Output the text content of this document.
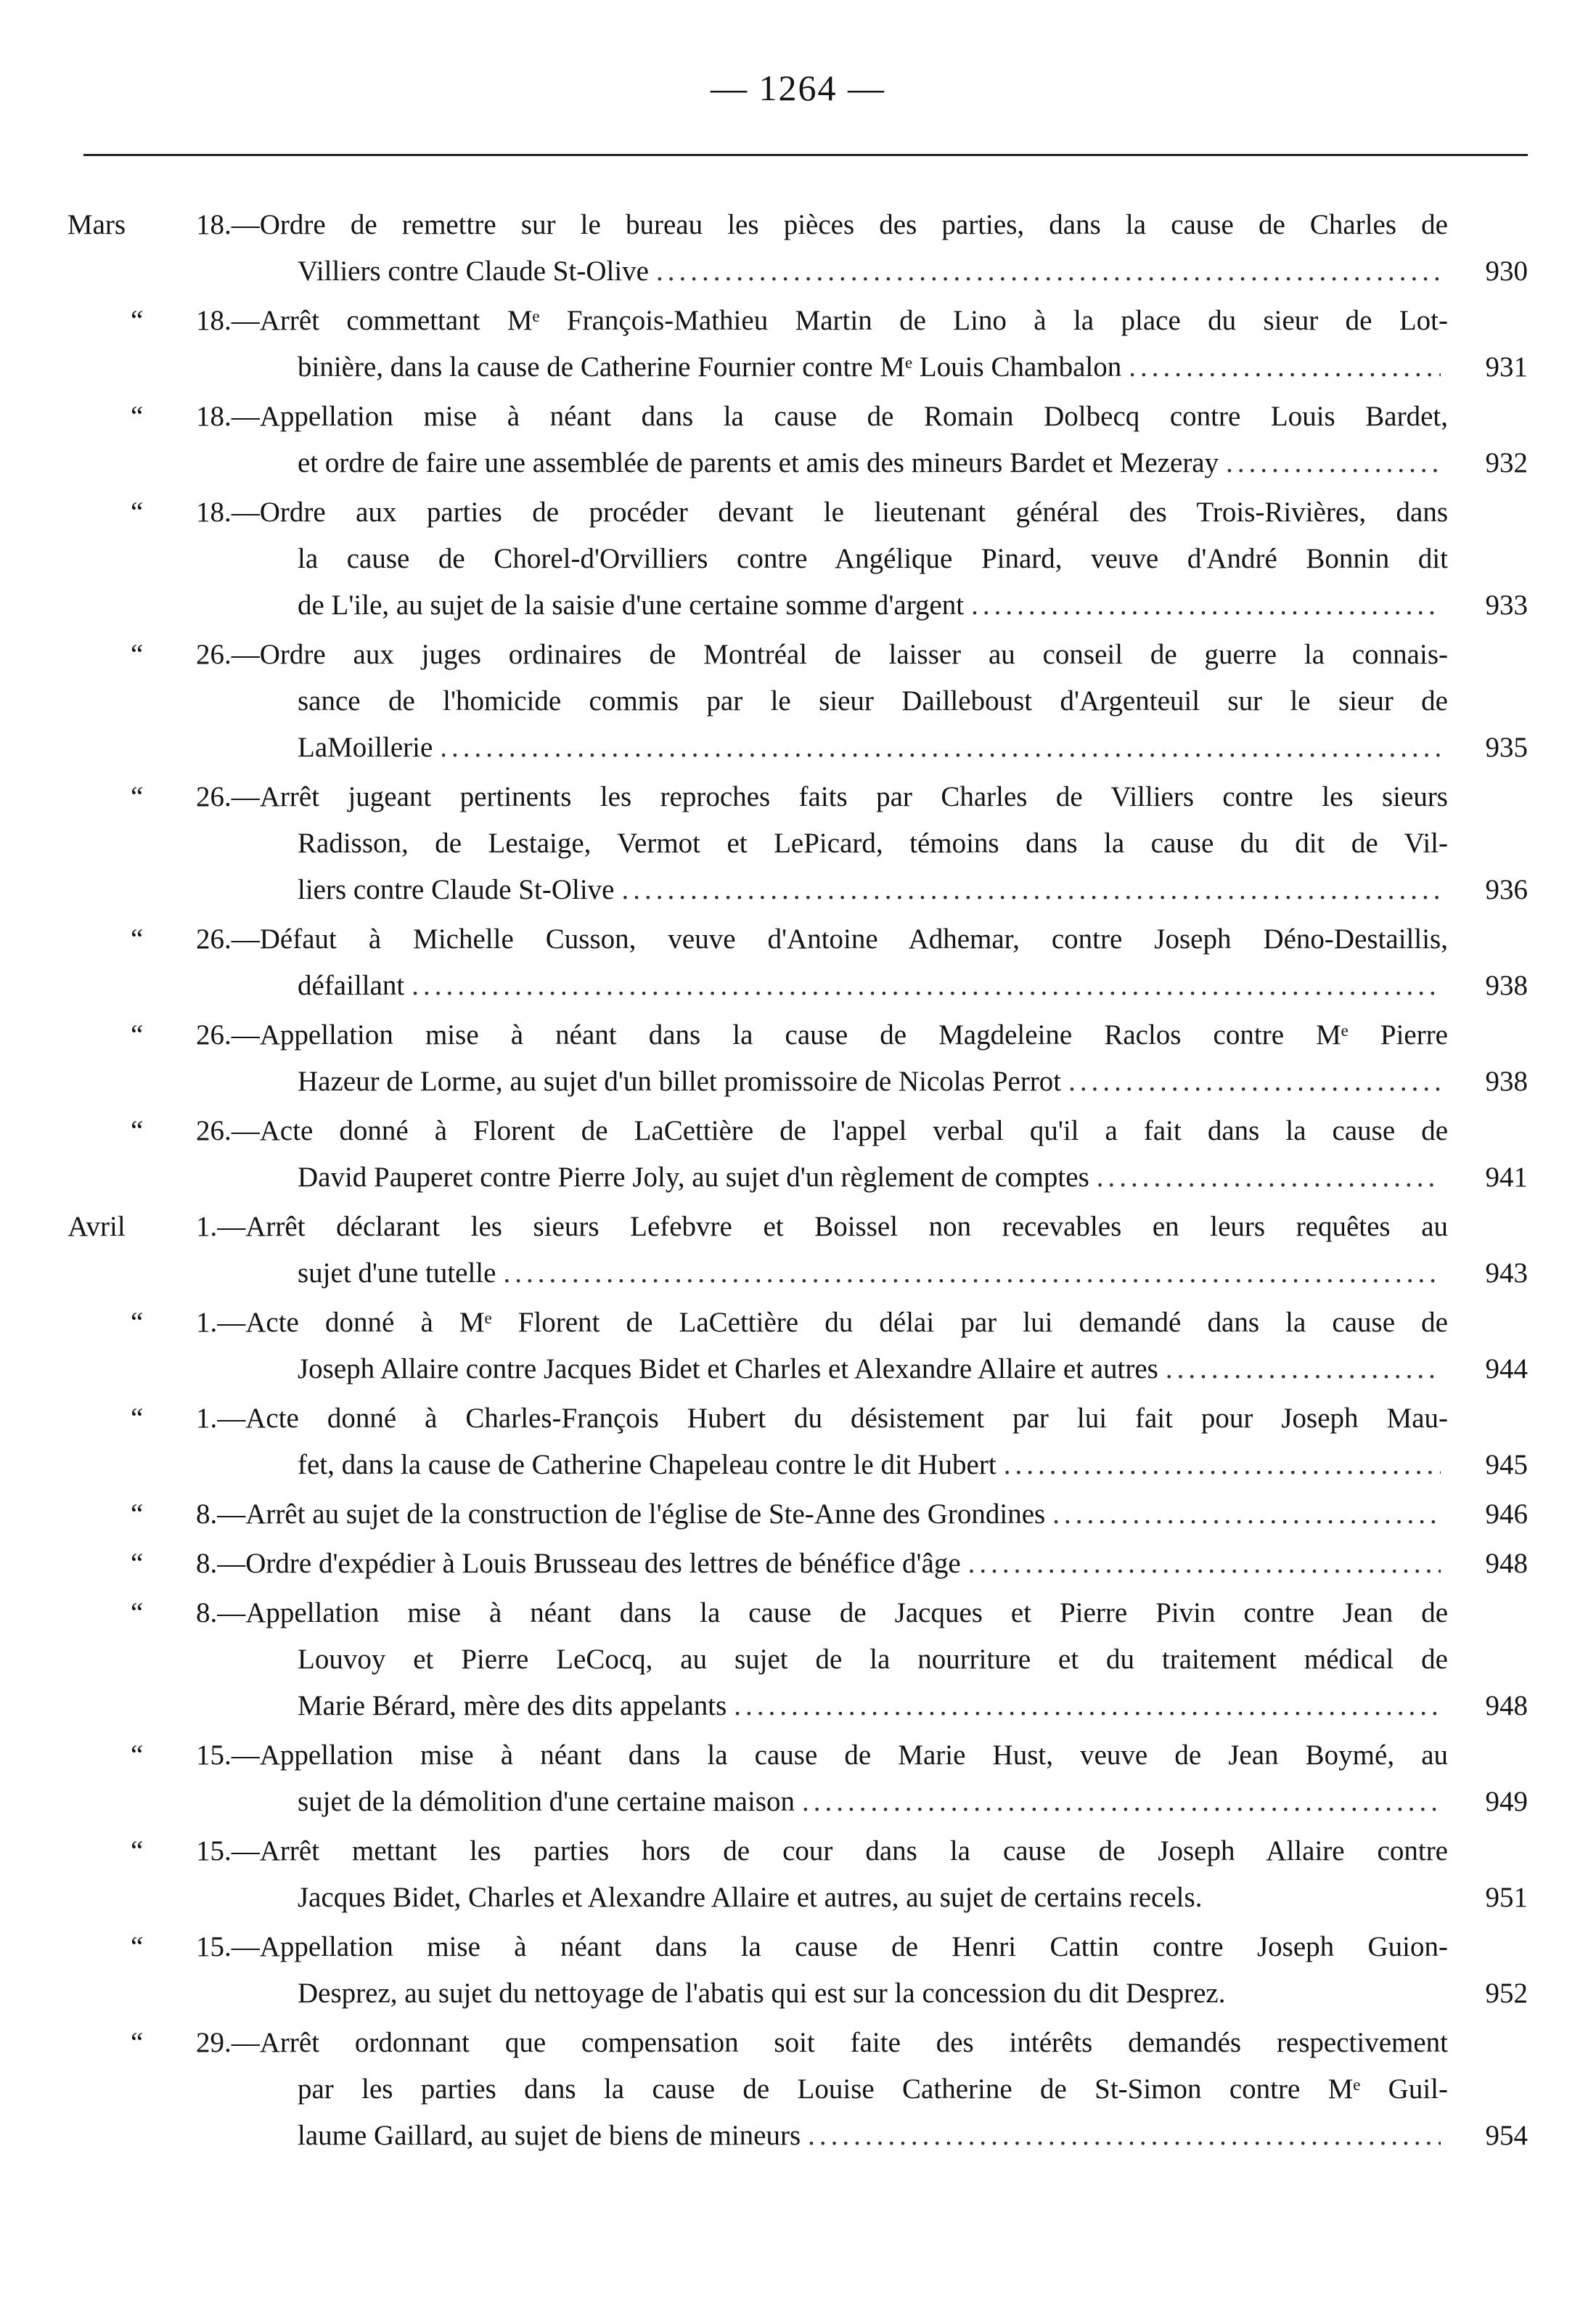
— 1264 —
Mars	18.—Ordre de remettre sur le bureau les pièces des parties, dans la cause de Charles de
Villiers contre Claude St-Olive .....	930
“ 18.—Arrêt commettant Mᵉ François-Mathieu Martin de Lino à la place du sieur de Lot-
binière, dans la cause de Catherine Fournier contre Mᵉ Louis Chambalon .....	931
“ 18.—Appellation mise à néant dans la cause de Romain Dolbecq contre Louis Bardet,
et ordre de faire une assemblée de parents et amis des mineurs Bardet et Mezeray .....	932
“ 18.—Ordre aux parties de procéder devant le lieutenant général des Trois-Rivières, dans
la cause de Chorel-d'Orvilliers contre Angélique Pinard, veuve d'André Bonnin dit
de L'ile, au sujet de la saisie d'une certaine somme d'argent .....	933
“ 26.—Ordre aux juges ordinaires de Montréal de laisser au conseil de guerre la connais-
sance de l'homicide commis par le sieur Dailleboust d'Argenteuil sur le sieur de
LaMoillerie .....	935
“ 26.—Arrêt jugeant pertinents les reproches faits par Charles de Villiers contre les sieurs
Radisson, de Lestaige, Vermot et LePicard, témoins dans la cause du dit de Vil-
liers contre Claude St-Olive .....	936
“ 26.—Défaut à Michelle Cusson, veuve d'Antoine Adhemar, contre Joseph Déno-Destaillis,
défaillant .....	938
“ 26.—Appellation mise à néant dans la cause de Magdeleine Raclos contre Mᵉ Pierre
Hazeur de Lorme, au sujet d'un billet promissoire de Nicolas Perrot .....	938
“ 26.—Acte donné à Florent de LaCettière de l'appel verbal qu'il a fait dans la cause de
David Pauperet contre Pierre Joly, au sujet d'un règlement de comptes .....	941
Avril	1.—Arrêt déclarant les sieurs Lefebvre et Boissel non recevables en leurs requêtes au
sujet d'une tutelle .....	943
“ 1.—Acte donné à Mᵉ Florent de LaCettière du délai par lui demandé dans la cause de
Joseph Allaire contre Jacques Bidet et Charles et Alexandre Allaire et autres .....	944
“ 1.—Acte donné à Charles-François Hubert du désistement par lui fait pour Joseph Mau-
fet, dans la cause de Catherine Chapeleau contre le dit Hubert .....	945
“ 8.—Arrêt au sujet de la construction de l'église de Ste-Anne des Grondines .....	946
“ 8.—Ordre d'expédier à Louis Brusseau des lettres de bénéfice d'âge .....	948
“ 8.—Appellation mise à néant dans la cause de Jacques et Pierre Pivin contre Jean de
Louvoy et Pierre LeCocq, au sujet de la nourriture et du traitement médical de
Marie Bérard, mère des dits appelants .....	948
“ 15.—Appellation mise à néant dans la cause de Marie Hust, veuve de Jean Boymé, au
sujet de la démolition d'une certaine maison .....	949
“ 15.—Arrêt mettant les parties hors de cour dans la cause de Joseph Allaire contre
Jacques Bidet, Charles et Alexandre Allaire et autres, au sujet de certains recels.	951
“ 15.—Appellation mise à néant dans la cause de Henri Cattin contre Joseph Guion-
Desprez, au sujet du nettoyage de l'abatis qui est sur la concession du dit Desprez.	952
“ 29.—Arrêt ordonnant que compensation soit faite des intérêts demandés respectivement
par les parties dans la cause de Louise Catherine de St-Simon contre Mᵉ Guil-
laume Gaillard, au sujet de biens de mineurs .....	954
